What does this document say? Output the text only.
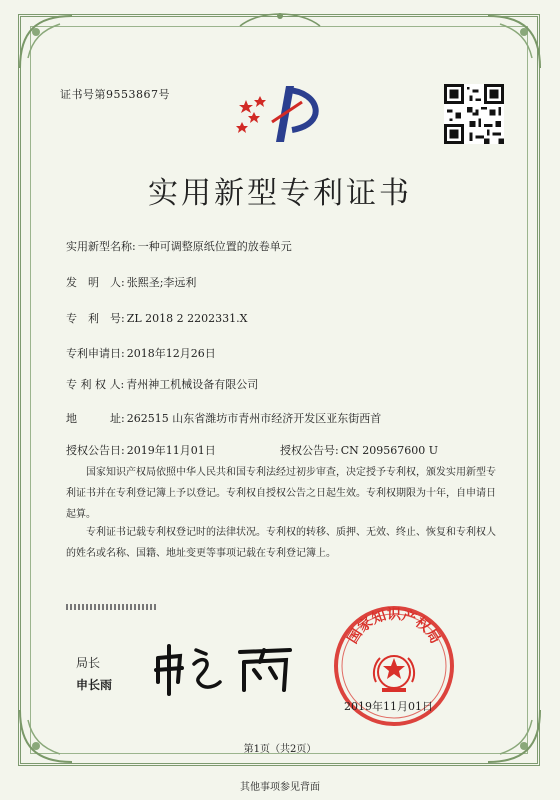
证书号第9553867号
实用新型专利证书
实用新型名称: 一种可调整原纸位置的放卷单元
发　明　人: 张熙圣;李远利
专　利　号: ZL 2018 2 2202331.X
专利申请日: 2018年12月26日
专 利 权 人: 青州神工机械设备有限公司
地　　　址: 262515 山东省潍坊市青州市经济开发区亚东街西首
授权公告日: 2019年11月01日	授权公告号: CN 209567600 U
国家知识产权局依照中华人民共和国专利法经过初步审查，决定授予专利权，颁发实用新型专利证书并在专利登记簿上予以登记。专利权自授权公告之日起生效。专利权期限为十年，自申请日起算。
专利证书记载专利权登记时的法律状况。专利权的转移、质押、无效、终止、恢复和专利权人的姓名或名称、国籍、地址变更等事项记载在专利登记簿上。
局长
申长雨
国家知识产权局
2019年11月01日
第1页（共2页）
其他事项参见背面
